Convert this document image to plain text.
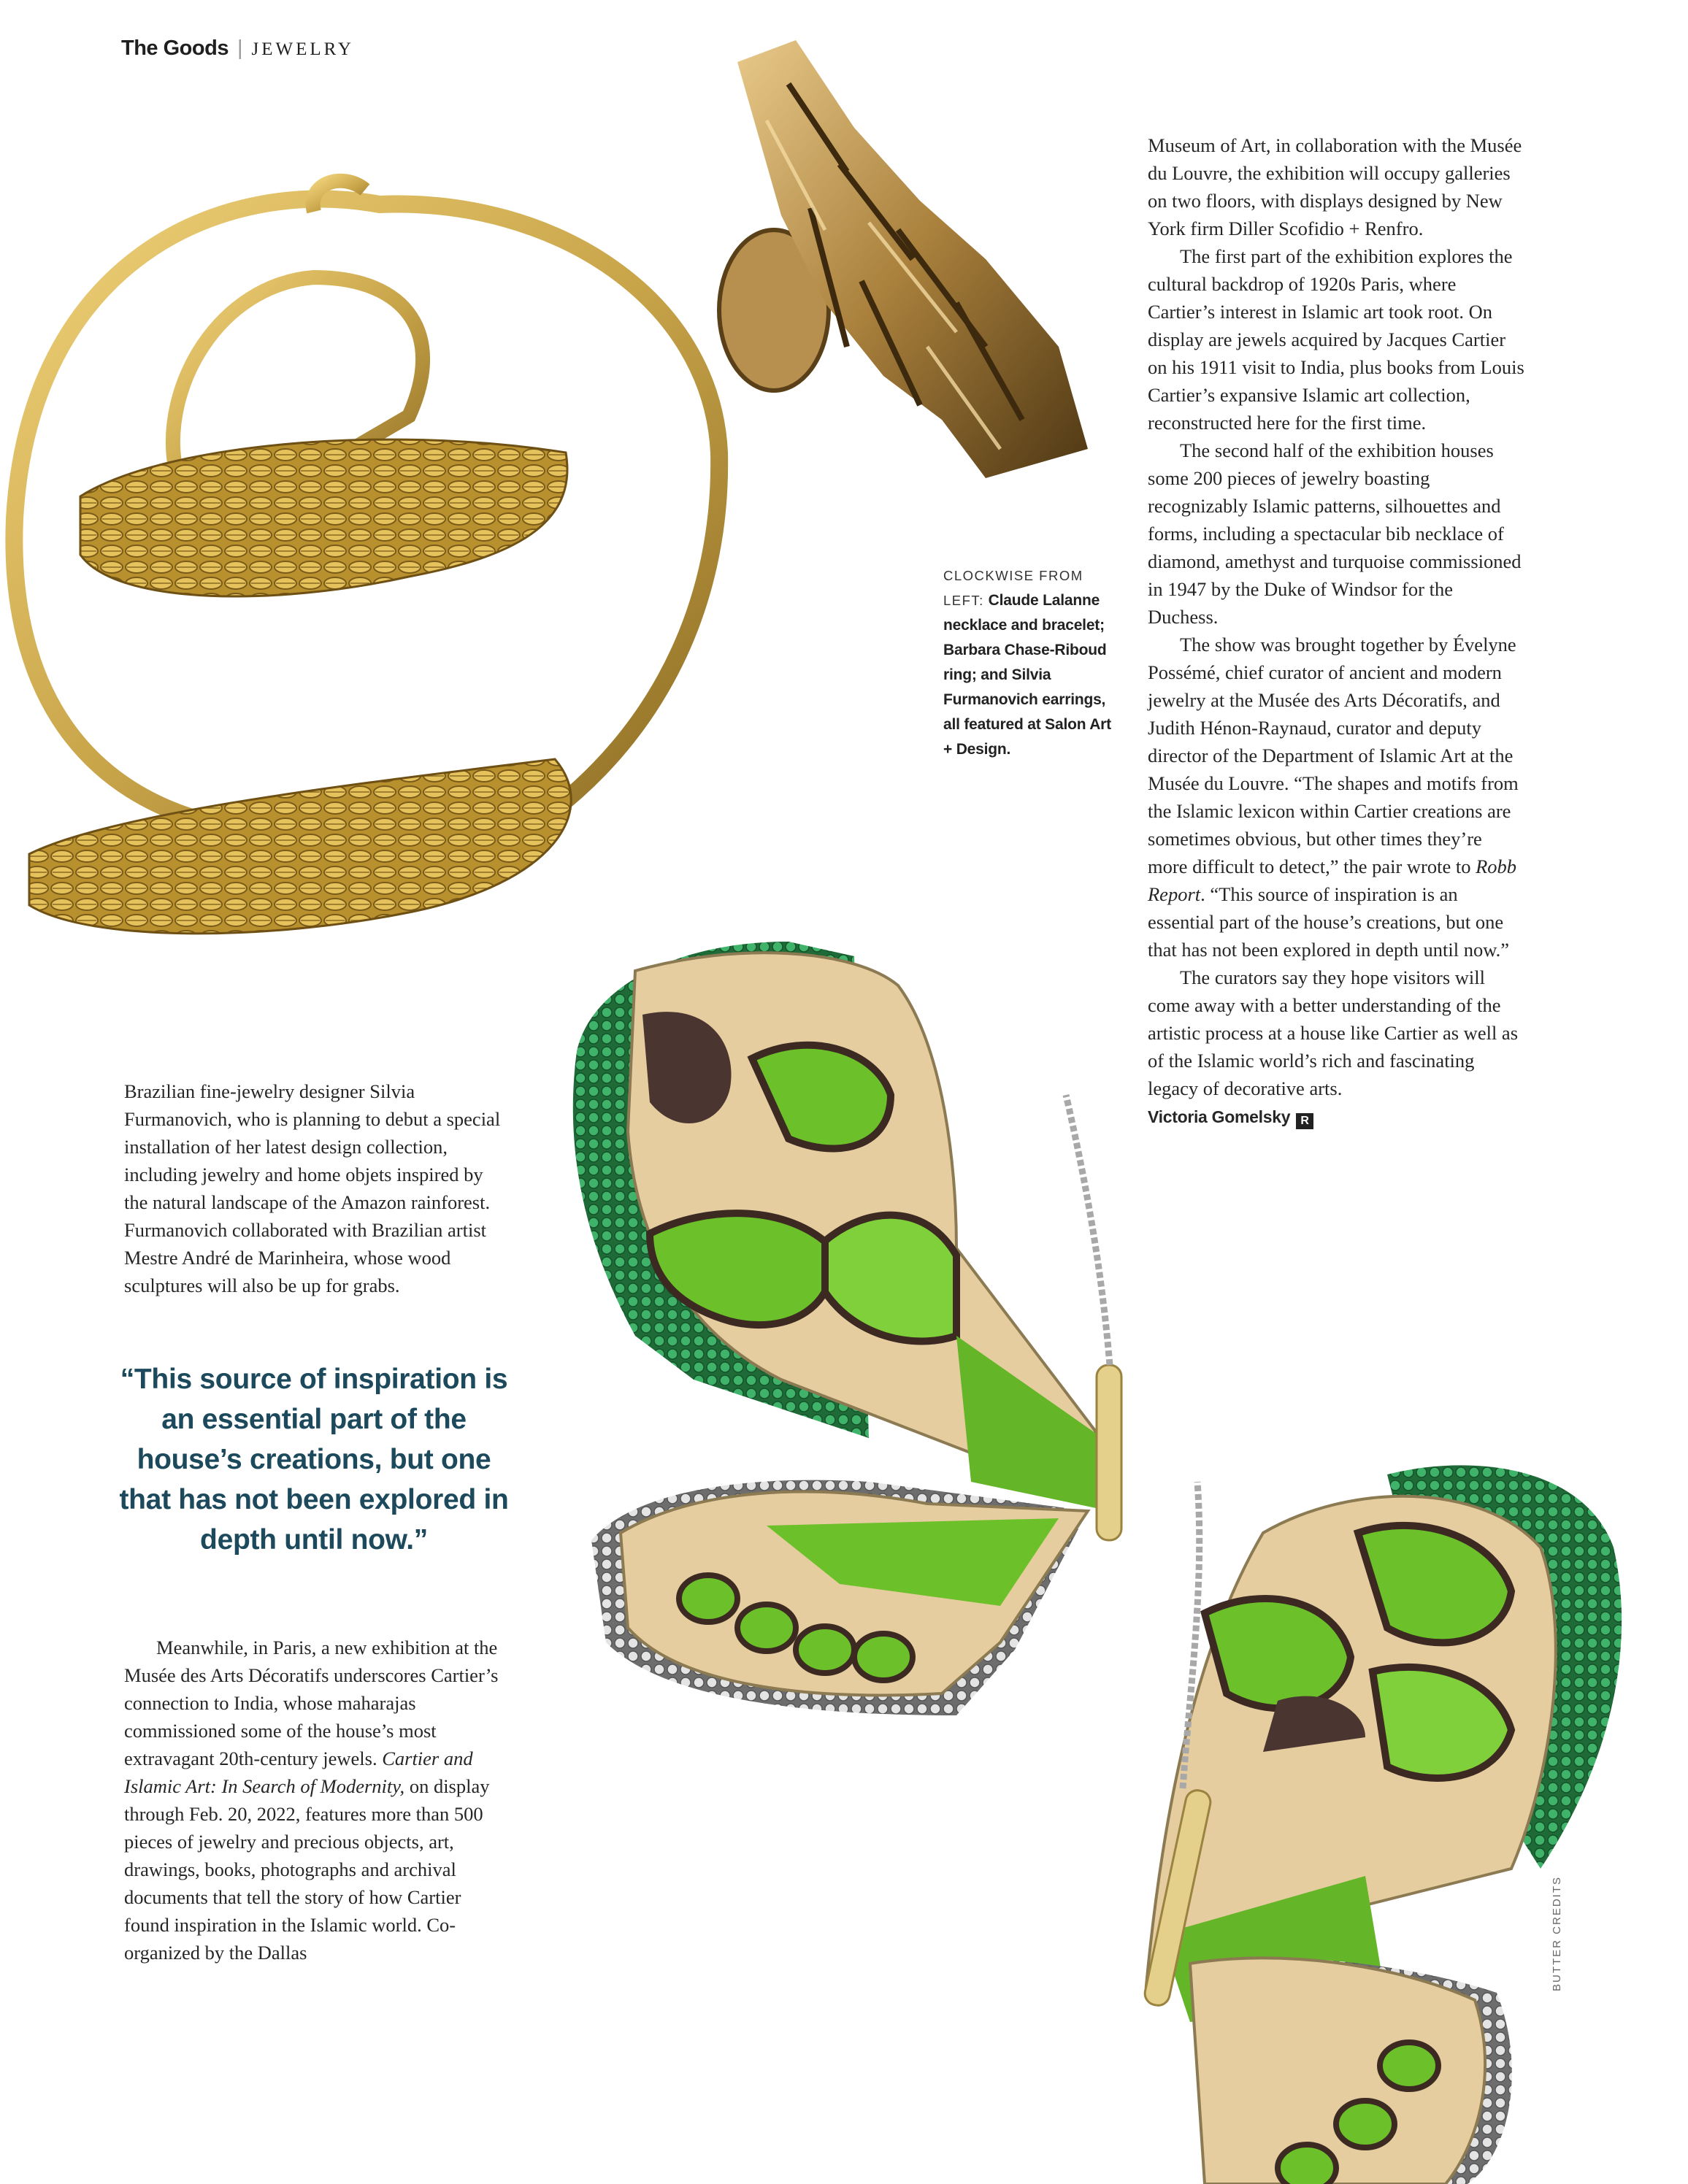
The Goods | JEWELRY
CLOCKWISE FROM LEFT: Claude Lalanne necklace and bracelet; Barbara Chase-Riboud ring; and Silvia Furmanovich earrings, all featured at Salon Art + Design.

Brazilian fine-jewelry designer Silvia Furmanovich, who is planning to debut a special installation of her latest design collection, including jewelry and home objets inspired by the natural landscape of the Amazon rainforest. Furmanovich collaborated with Brazilian artist Mestre André de Marinheira, whose wood sculptures will also be up for grabs.

“This source of inspiration is an essential part of the house’s creations, but one that has not been explored in depth until now.”

Meanwhile, in Paris, a new exhibition at the Musée des Arts Décoratifs underscores Cartier’s connection to India, whose maharajas commissioned some of the house’s most extravagant 20th-century jewels. Cartier and Islamic Art: In Search of Modernity, on display through Feb. 20, 2022, features more than 500 pieces of jewelry and precious objects, art, drawings, books, photographs and archival documents that tell the story of how Cartier found inspiration in the Islamic world. Co-organized by the Dallas

Museum of Art, in collaboration with the Musée du Louvre, the exhibition will occupy galleries on two floors, with displays designed by New York firm Diller Scofidio + Renfro.

The first part of the exhibition explores the cultural backdrop of 1920s Paris, where Cartier’s interest in Islamic art took root. On display are jewels acquired by Jacques Cartier on his 1911 visit to India, plus books from Louis Cartier’s expansive Islamic art collection, reconstructed here for the first time.

The second half of the exhibition houses some 200 pieces of jewelry boasting recognizably Islamic patterns, silhouettes and forms, including a spectacular bib necklace of diamond, amethyst and turquoise commissioned in 1947 by the Duke of Windsor for the Duchess.

The show was brought together by Évelyne Possémé, chief curator of ancient and modern jewelry at the Musée des Arts Décoratifs, and Judith Hénon-Raynaud, curator and deputy director of the Department of Islamic Art at the Musée du Louvre. “The shapes and motifs from the Islamic lexicon within Cartier creations are sometimes obvious, but other times they’re more difficult to detect,” the pair wrote to Robb Report. “This source of inspiration is an essential part of the house’s creations, but one that has not been explored in depth until now.”

The curators say they hope visitors will come away with a better understanding of the artistic process at a house like Cartier as well as of the Islamic world’s rich and fascinating legacy of decorative arts.

Victoria Gomelsky R

BUTTER CREDITS
